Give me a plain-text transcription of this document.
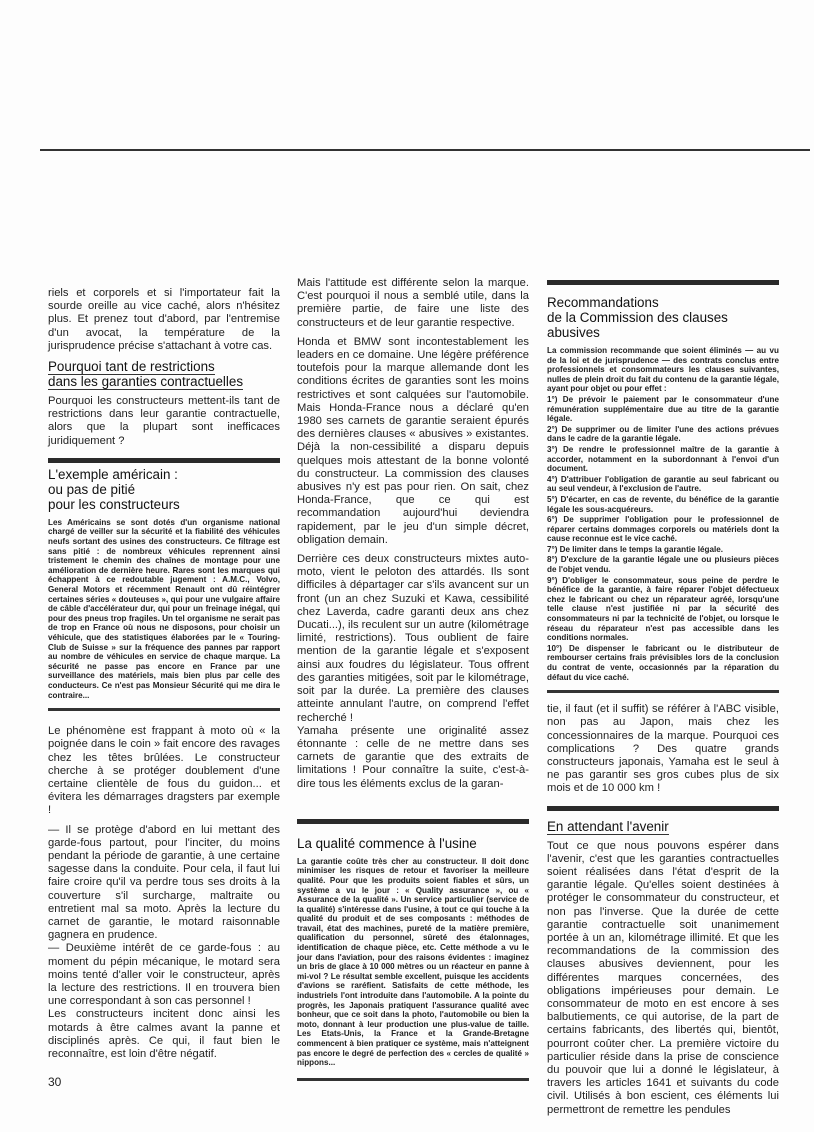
riels et corporels et si l'importateur fait la sourde oreille au vice caché, alors n'hésitez plus. Et prenez tout d'abord, par l'entremise d'un avocat, la température de la jurisprudence précise s'attachant à votre cas.

Pourquoi tant de restrictions
dans les garanties contractuelles

Pourquoi les constructeurs mettent-ils tant de restrictions dans leur garantie contractuelle, alors que la plupart sont inefficaces juridiquement ?

L'exemple américain :
ou pas de pitié
pour les constructeurs

Les Américains se sont dotés d'un organisme national chargé de veiller sur la sécurité et la fiabilité des véhicules neufs sortant des usines des constructeurs. Ce filtrage est sans pitié : de nombreux véhicules reprennent ainsi tristement le chemin des chaînes de montage pour une amélioration de dernière heure. Rares sont les marques qui échappent à ce redoutable jugement : A.M.C., Volvo, General Motors et récemment Renault ont dû réintégrer certaines séries « douteuses », qui pour une vulgaire affaire de câble d'accélérateur dur, qui pour un freinage inégal, qui pour des pneus trop fragiles. Un tel organisme ne serait pas de trop en France où nous ne disposons, pour choisir un véhicule, que des statistiques élaborées par le « Touring-Club de Suisse » sur la fréquence des pannes par rapport au nombre de véhicules en service de chaque marque. La sécurité ne passe pas encore en France par une surveillance des matériels, mais bien plus par celle des conducteurs. Ce n'est pas Monsieur Sécurité qui me dira le contraire...

Le phénomène est frappant à moto où « la poignée dans le coin » fait encore des ravages chez les têtes brûlées. Le constructeur cherche à se protéger doublement d'une certaine clientèle de fous du guidon... et évitera les démarrages dragsters par exemple !

— Il se protège d'abord en lui mettant des garde-fous partout, pour l'inciter, du moins pendant la période de garantie, à une certaine sagesse dans la conduite. Pour cela, il faut lui faire croire qu'il va perdre tous ses droits à la couverture s'il surcharge, maltraite ou entretient mal sa moto. Après la lecture du carnet de garantie, le motard raisonnable gagnera en prudence.

— Deuxième intérêt de ce garde-fous : au moment du pépin mécanique, le motard sera moins tenté d'aller voir le constructeur, après la lecture des restrictions. Il en trouvera bien une correspondant à son cas personnel !

Les constructeurs incitent donc ainsi les motards à être calmes avant la panne et disciplinés après. Ce qui, il faut bien le reconnaître, est loin d'être négatif.

Mais l'attitude est différente selon la marque. C'est pourquoi il nous a semblé utile, dans la première partie, de faire une liste des constructeurs et de leur garantie respective.

Honda et BMW sont incontestablement les leaders en ce domaine. Une légère préférence toutefois pour la marque allemande dont les conditions écrites de garanties sont les moins restrictives et sont calquées sur l'automobile. Mais Honda-France nous a déclaré qu'en 1980 ses carnets de garantie seraient épurés des dernières clauses « abusives » existantes. Déjà la non-cessibilité a disparu depuis quelques mois attestant de la bonne volonté du constructeur. La commission des clauses abusives n'y est pas pour rien. On sait, chez Honda-France, que ce qui est recommandation aujourd'hui deviendra rapidement, par le jeu d'un simple décret, obligation demain.

Derrière ces deux constructeurs mixtes auto-moto, vient le peloton des attardés. Ils sont difficiles à départager car s'ils avancent sur un front (un an chez Suzuki et Kawa, cessibilité chez Laverda, cadre garanti deux ans chez Ducati...), ils reculent sur un autre (kilométrage limité, restrictions). Tous oublient de faire mention de la garantie légale et s'exposent ainsi aux foudres du législateur. Tous offrent des garanties mitigées, soit par le kilométrage, soit par la durée. La première des clauses atteinte annulant l'autre, on comprend l'effet recherché !

Yamaha présente une originalité assez étonnante : celle de ne mettre dans ses carnets de garantie que des extraits de limitations ! Pour connaître la suite, c'est-à-dire tous les éléments exclus de la garan-

La qualité commence à l'usine

La garantie coûte très cher au constructeur. Il doit donc minimiser les risques de retour et favoriser la meilleure qualité. Pour que les produits soient fiables et sûrs, un système a vu le jour : « Quality assurance », ou « Assurance de la qualité ». Un service particulier (service de la qualité) s'intéresse dans l'usine, à tout ce qui touche à la qualité du produit et de ses composants : méthodes de travail, état des machines, pureté de la matière première, qualification du personnel, sûreté des étalonnages, identification de chaque pièce, etc. Cette méthode a vu le jour dans l'aviation, pour des raisons évidentes : imaginez un bris de glace à 10 000 mètres ou un réacteur en panne à mi-vol ? Le résultat semble excellent, puisque les accidents d'avions se raréfient. Satisfaits de cette méthode, les industriels l'ont introduite dans l'automobile. A la pointe du progrès, les Japonais pratiquent l'assurance qualité avec bonheur, que ce soit dans la photo, l'automobile ou bien la moto, donnant à leur production une plus-value de taille. Les Etats-Unis, la France et la Grande-Bretagne commencent à bien pratiquer ce système, mais n'atteignent pas encore le degré de perfection des « cercles de qualité » nippons...

Recommandations
de la Commission des clauses
abusives

La commission recommande que soient éliminés — au vu de la loi et de jurisprudence — des contrats conclus entre professionnels et consommateurs les clauses suivantes, nulles de plein droit du fait du contenu de la garantie légale, ayant pour objet ou pour effet :

1°) De prévoir le paiement par le consommateur d'une rémunération supplémentaire due au titre de la garantie légale.

2°) De supprimer ou de limiter l'une des actions prévues dans le cadre de la garantie légale.

3°) De rendre le professionnel maître de la garantie à accorder, notamment en la subordonnant à l'envoi d'un document.

4°) D'attribuer l'obligation de garantie au seul fabricant ou au seul vendeur, à l'exclusion de l'autre.

5°) D'écarter, en cas de revente, du bénéfice de la garantie légale les sous-acquéreurs.

6°) De supprimer l'obligation pour le professionnel de réparer certains dommages corporels ou matériels dont la cause reconnue est le vice caché.

7°) De limiter dans le temps la garantie légale.

8°) D'exclure de la garantie légale une ou plusieurs pièces de l'objet vendu.

9°) D'obliger le consommateur, sous peine de perdre le bénéfice de la garantie, à faire réparer l'objet défectueux chez le fabricant ou chez un réparateur agréé, lorsqu'une telle clause n'est justifiée ni par la sécurité des consommateurs ni par la technicité de l'objet, ou lorsque le réseau du réparateur n'est pas accessible dans les conditions normales.

10°) De dispenser le fabricant ou le distributeur de rembourser certains frais prévisibles lors de la conclusion du contrat de vente, occasionnés par la réparation du défaut du vice caché.

tie, il faut (et il suffit) se référer à l'ABC visible, non pas au Japon, mais chez les concessionnaires de la marque. Pourquoi ces complications ? Des quatre grands constructeurs japonais, Yamaha est le seul à ne pas garantir ses gros cubes plus de six mois et de 10 000 km !

En attendant l'avenir

Tout ce que nous pouvons espérer dans l'avenir, c'est que les garanties contractuelles soient réalisées dans l'état d'esprit de la garantie légale. Qu'elles soient destinées à protéger le consommateur du constructeur, et non pas l'inverse. Que la durée de cette garantie contractuelle soit unanimement portée à un an, kilométrage illimité. Et que les recommandations de la commission des clauses abusives deviennent, pour les différentes marques concernées, des obligations impérieuses pour demain. Le consommateur de moto en est encore à ses balbutiements, ce qui autorise, de la part de certains fabricants, des libertés qui, bientôt, pourront coûter cher. La première victoire du particulier réside dans la prise de conscience du pouvoir que lui a donné le législateur, à travers les articles 1641 et suivants du code civil. Utilisés à bon escient, ces éléments lui permettront de remettre les pendules

30
